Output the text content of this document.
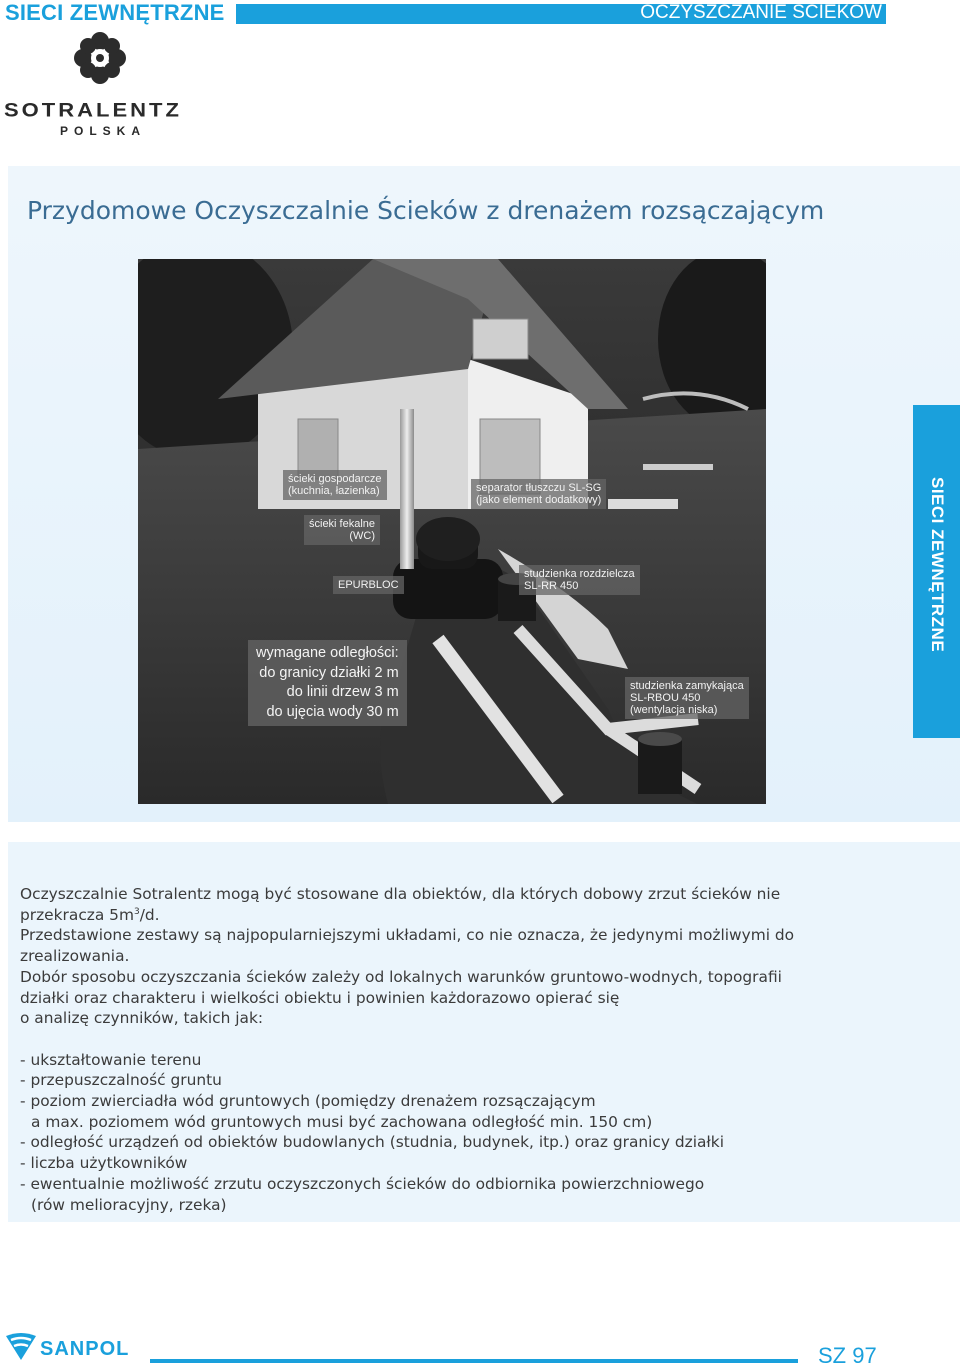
SIECI ZEWNĘTRZNE	OCZYSZCZANIE ŚCIEKÓW
SOTRALENTZ
POLSKA
Przydomowe Oczyszczalnie Ścieków z drenażem rozsączającym
ścieki gospodarcze
(kuchnia, łazienka)
ścieki fekalne
(WC)
EPURBLOC
separator tłuszczu SL-SG
(jako element dodatkowy)
studzienka rozdzielcza
SL-RR 450
studzienka zamykająca
SL-RBOU 450
(wentylacja niska)
wymagane odległości:
do granicy działki 2 m
do linii drzew 3 m
do ujęcia wody 30 m
SIECI ZEWNĘTRZNE

Oczyszczalnie Sotralentz mogą być stosowane dla obiektów, dla których dobowy zrzut ścieków nie

przekracza $5m^3/d$.

Przedstawione zestawy są najpopularniejszymi układami, co nie oznacza, że jedynymi możliwymi do

zrealizowania.

Dobór sposobu oczyszczania ścieków zależy od lokalnych warunków gruntowo-wodnych, topografii

działki oraz charakteru i wielkości obiektu i powinien każdorazowo opierać się

o analizę czynników, takich jak:

- ukształtowanie terenu

- przepuszczalność gruntu

- poziom zwierciadła wód gruntowych (pomiędzy drenażem rozsączającym

a max. poziomem wód gruntowych musi być zachowana odległość min. 150 cm)

- odległość urządzeń od obiektów budowlanych (studnia, budynek, itp.) oraz granicy działki

- liczba użytkowników

- ewentualnie możliwość zrzutu oczyszczonych ścieków do odbiornika powierzchniowego

(rów melioracyjny, rzeka)

SANPOL	SZ 97
